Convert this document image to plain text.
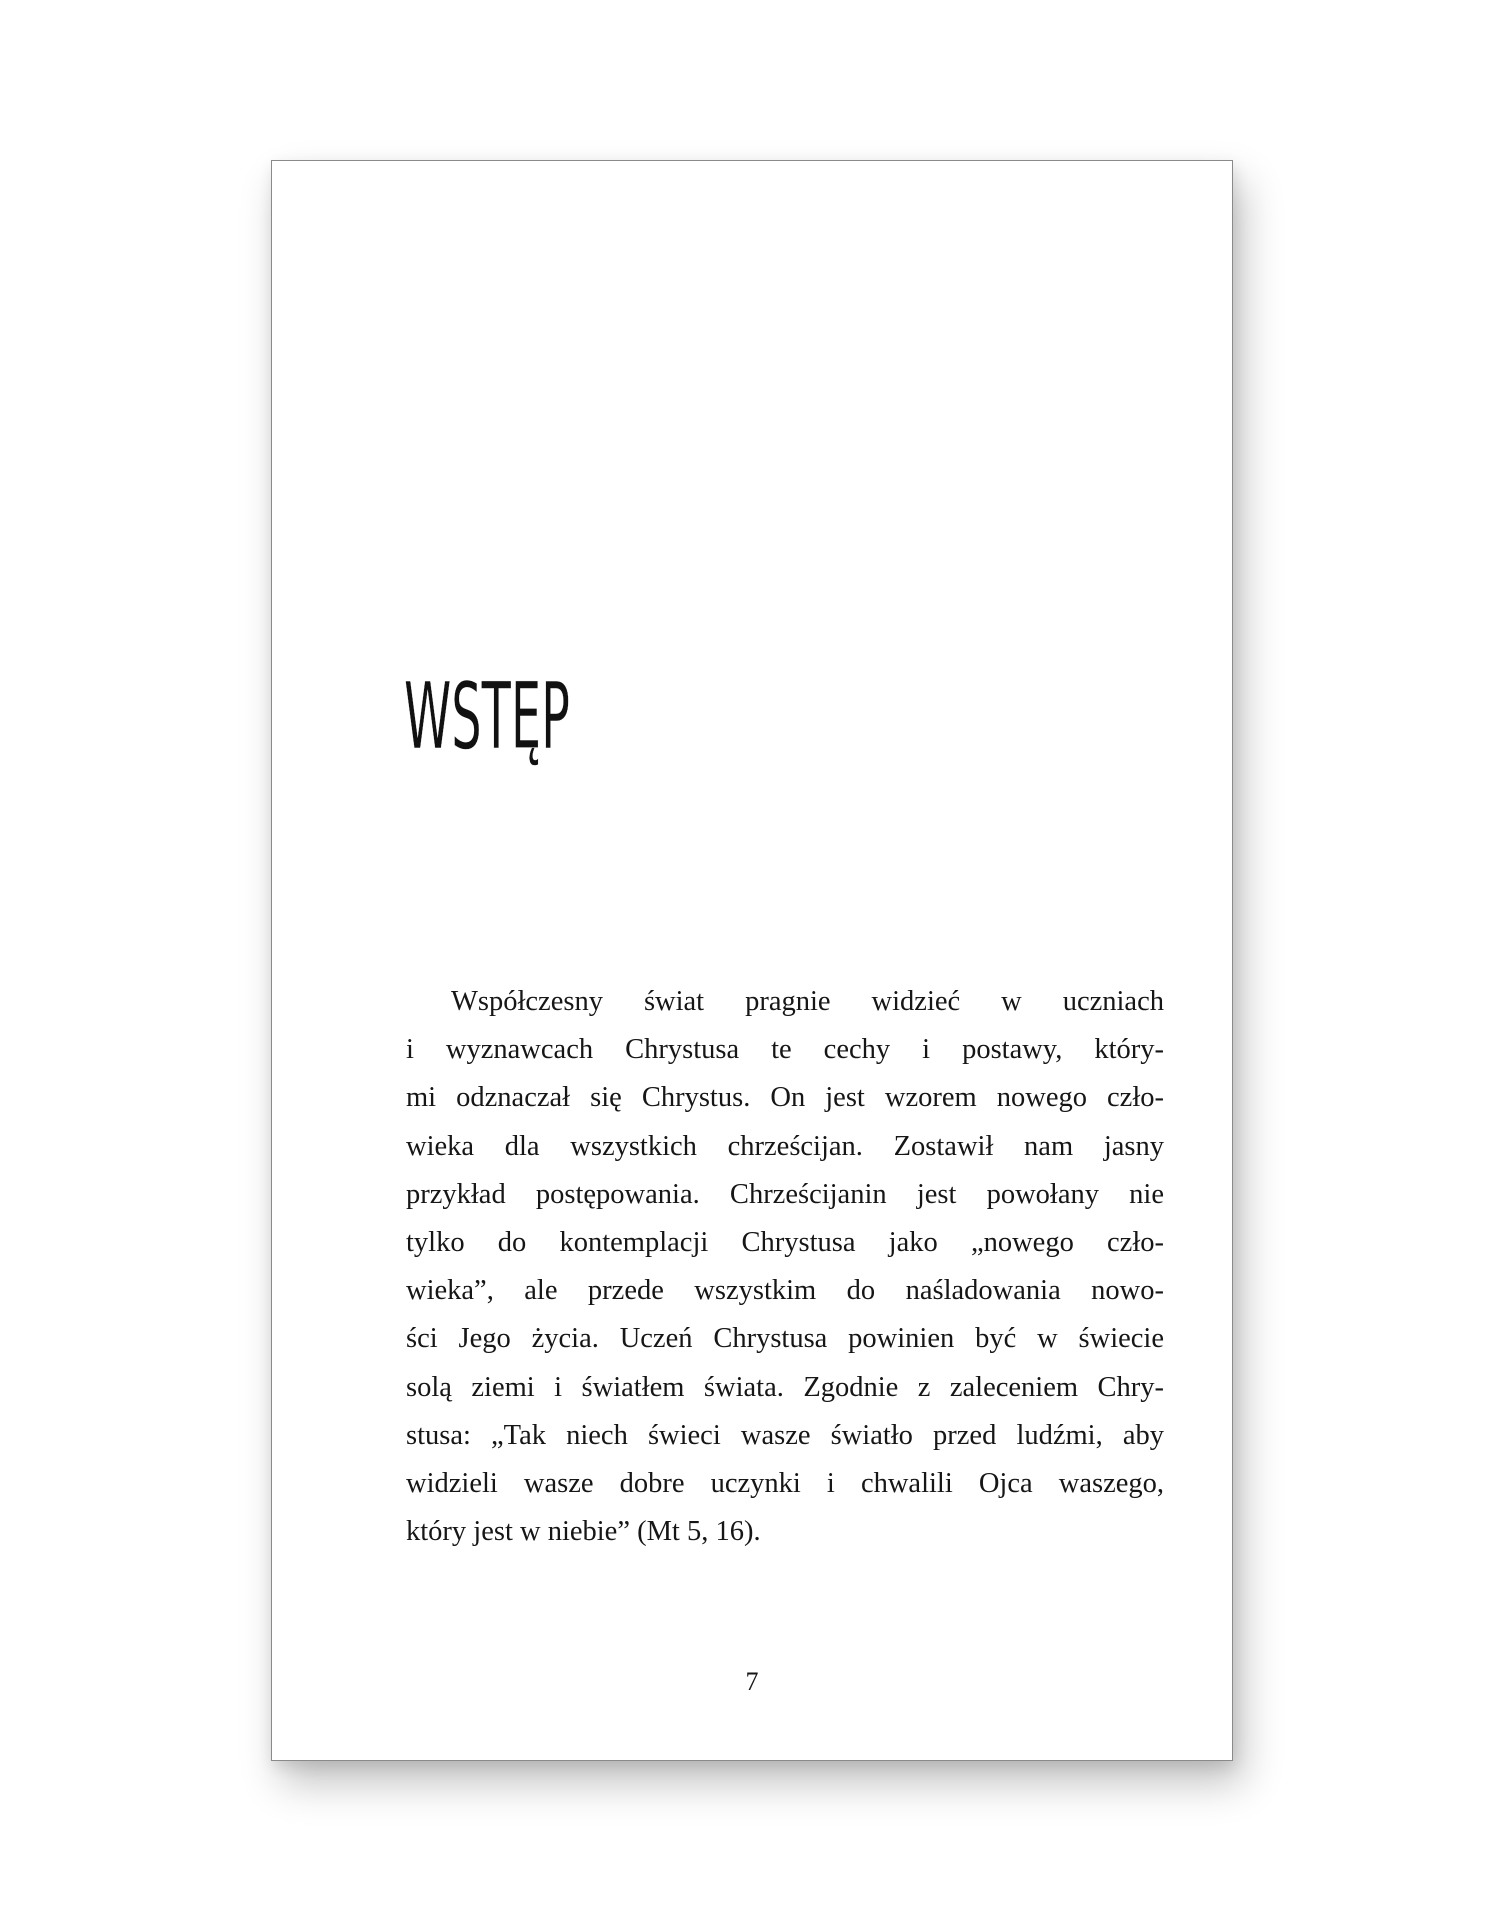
WSTĘP
Współczesny świat pragnie widzieć w uczniach
i wyznawcach Chrystusa te cechy i postawy, który-
mi odznaczał się Chrystus. On jest wzorem nowego czło-
wieka dla wszystkich chrześcijan. Zostawił nam jasny
przykład postępowania. Chrześcijanin jest powołany nie
tylko do kontemplacji Chrystusa jako „nowego czło-
wieka”, ale przede wszystkim do naśladowania nowo-
ści Jego życia. Uczeń Chrystusa powinien być w świecie
solą ziemi i światłem świata. Zgodnie z zaleceniem Chry-
stusa: „Tak niech świeci wasze światło przed ludźmi, aby
widzieli wasze dobre uczynki i chwalili Ojca waszego,
który jest w niebie” (Mt 5, 16).
7
